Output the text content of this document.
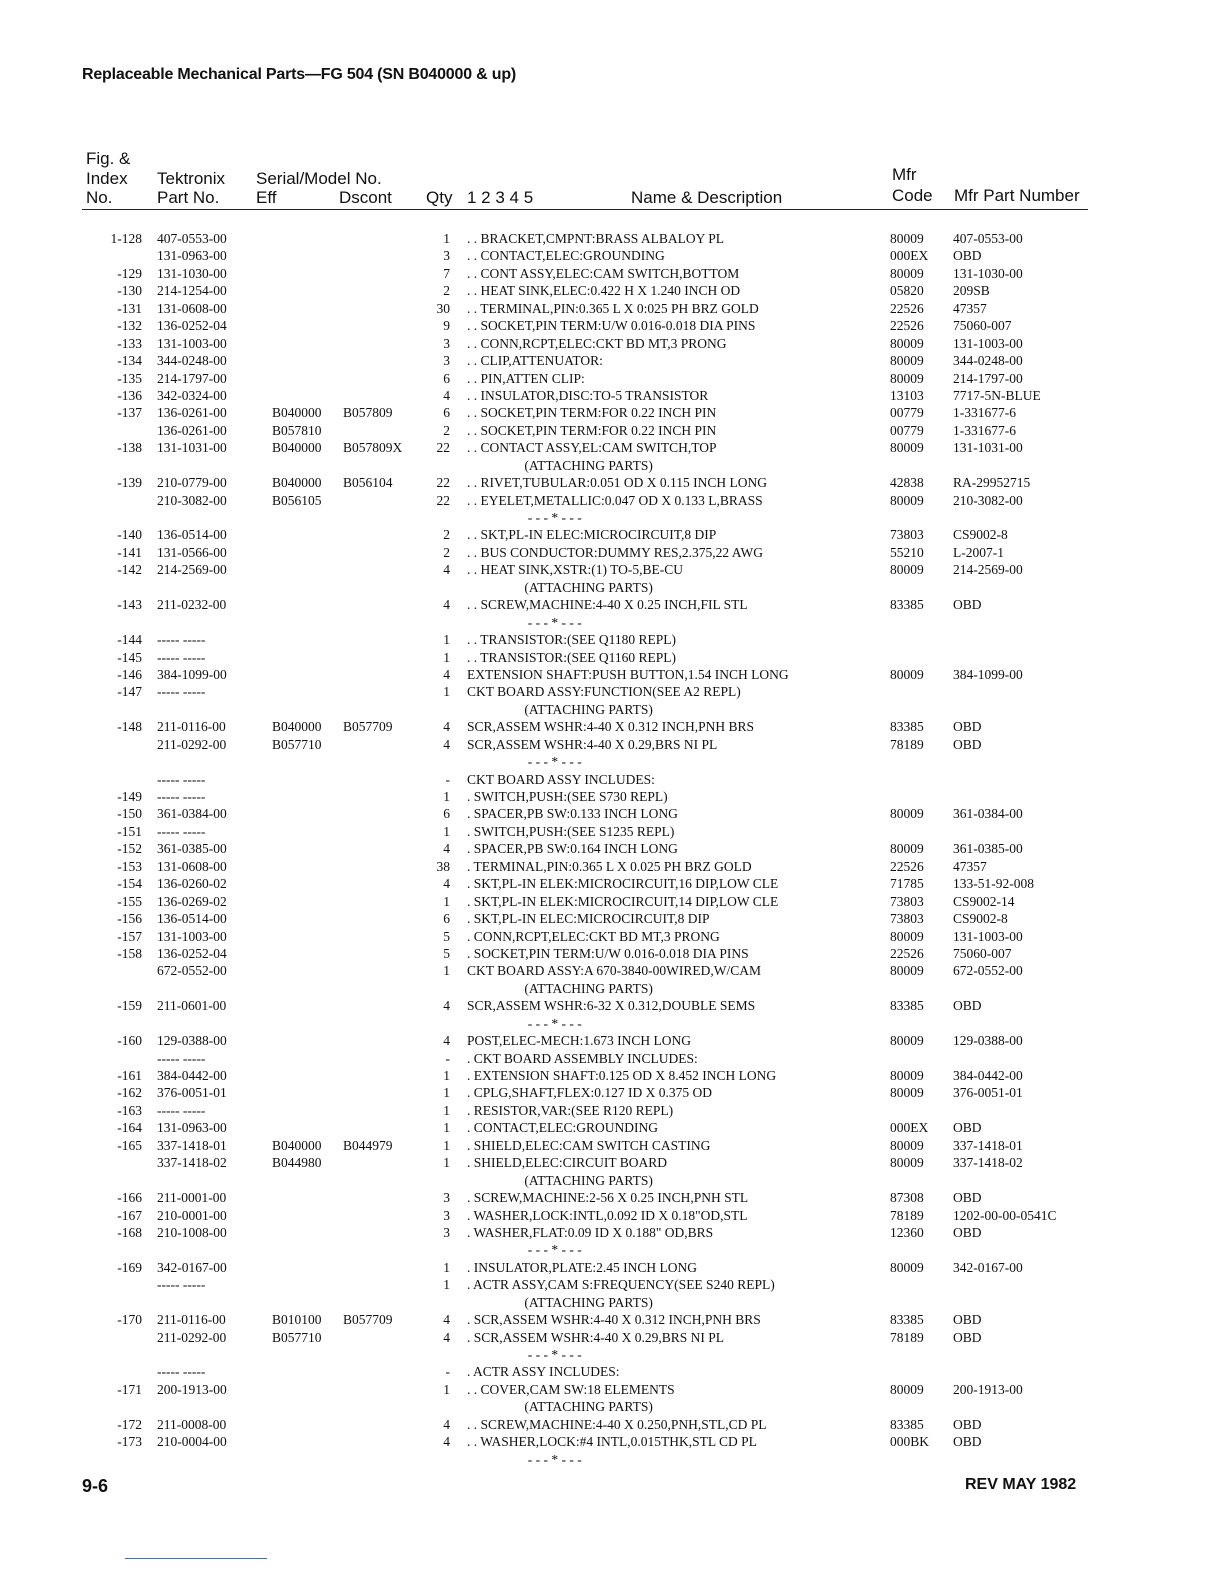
Replaceable Mechanical Parts—FG 504 (SN B040000 & up)
Fig. &
Index
No.
Tektronix
Part No.
Serial/Model No.
Eff	Dscont Qty 1 2 3 4 5	Name & Description
Mfr
Code Mfr Part Number
1-128 407-0553-00	1 . . BRACKET,CMPNT:BRASS ALBALOY PL	80009 407-0553-00
131-0963-00	3 . . CONTACT,ELEC:GROUNDING	000EX OBD
-129 131-1030-00	7 . . CONT ASSY,ELEC:CAM SWITCH,BOTTOM	80009 131-1030-00
-130 214-1254-00	2 . . HEAT SINK,ELEC:0.422 H X 1.240 INCH OD	05820 209SB
-131 131-0608-00	30 . . TERMINAL,PIN:0.365 L X 0:025 PH BRZ GOLD	22526 47357
-132 136-0252-04	9 . . SOCKET,PIN TERM:U/W 0.016-0.018 DIA PINS	22526 75060-007
-133 131-1003-00	3 . . CONN,RCPT,ELEC:CKT BD MT,3 PRONG	80009 131-1003-00
-134 344-0248-00	3 . . CLIP,ATTENUATOR:	80009 344-0248-00
-135 214-1797-00	6 . . PIN,ATTEN CLIP:	80009 214-1797-00
-136 342-0324-00	4 . . INSULATOR,DISC:TO-5 TRANSISTOR	13103 7717-5N-BLUE
-137 136-0261-00	B040000 B057809	6 . . SOCKET,PIN TERM:FOR 0.22 INCH PIN	00779 1-331677-6
136-0261-00	B057810	2 . . SOCKET,PIN TERM:FOR 0.22 INCH PIN	00779 1-331677-6
-138 131-1031-00	B040000 B057809X	22 . . CONTACT ASSY,EL:CAM SWITCH,TOP	80009 131-1031-00
(ATTACHING PARTS)
-139 210-0779-00	B040000 B056104	22 . . RIVET,TUBULAR:0.051 OD X 0.115 INCH LONG	42838 RA-29952715
210-3082-00	B056105	22 . . EYELET,METALLIC:0.047 OD X 0.133 L,BRASS	80009 210-3082-00
- - - * - - -
-140 136-0514-00	2 . . SKT,PL-IN ELEC:MICROCIRCUIT,8 DIP	73803 CS9002-8
-141 131-0566-00	2 . . BUS CONDUCTOR:DUMMY RES,2.375,22 AWG	55210 L-2007-1
-142 214-2569-00	4 . . HEAT SINK,XSTR:(1) TO-5,BE-CU	80009 214-2569-00
(ATTACHING PARTS)
-143 211-0232-00	4 . . SCREW,MACHINE:4-40 X 0.25 INCH,FIL STL	83385 OBD
- - - * - - -
-144 ----- -----	1 . . TRANSISTOR:(SEE Q1180 REPL)
-145 ----- -----	1 . . TRANSISTOR:(SEE Q1160 REPL)
-146 384-1099-00	4 EXTENSION SHAFT:PUSH BUTTON,1.54 INCH LONG	80009 384-1099-00
-147 ----- -----	1 CKT BOARD ASSY:FUNCTION(SEE A2 REPL)
(ATTACHING PARTS)
-148 211-0116-00	B040000 B057709	4 SCR,ASSEM WSHR:4-40 X 0.312 INCH,PNH BRS	83385 OBD
211-0292-00	B057710	4 SCR,ASSEM WSHR:4-40 X 0.29,BRS NI PL	78189 OBD
- - - * - - -
----- -----	- CKT BOARD ASSY INCLUDES:
-149 ----- -----	1 . SWITCH,PUSH:(SEE S730 REPL)
-150 361-0384-00	6 . SPACER,PB SW:0.133 INCH LONG	80009 361-0384-00
-151 ----- -----	1 . SWITCH,PUSH:(SEE S1235 REPL)
-152 361-0385-00	4 . SPACER,PB SW:0.164 INCH LONG	80009 361-0385-00
-153 131-0608-00	38 . TERMINAL,PIN:0.365 L X 0.025 PH BRZ GOLD	22526 47357
-154 136-0260-02	4 . SKT,PL-IN ELEK:MICROCIRCUIT,16 DIP,LOW CLE	71785 133-51-92-008
-155 136-0269-02	1 . SKT,PL-IN ELEK:MICROCIRCUIT,14 DIP,LOW CLE	73803 CS9002-14
-156 136-0514-00	6 . SKT,PL-IN ELEC:MICROCIRCUIT,8 DIP	73803 CS9002-8
-157 131-1003-00	5 . CONN,RCPT,ELEC:CKT BD MT,3 PRONG	80009 131-1003-00
-158 136-0252-04	5 . SOCKET,PIN TERM:U/W 0.016-0.018 DIA PINS	22526 75060-007
672-0552-00	1 CKT BOARD ASSY:A 670-3840-00WIRED,W/CAM	80009 672-0552-00
(ATTACHING PARTS)
-159 211-0601-00	4 SCR,ASSEM WSHR:6-32 X 0.312,DOUBLE SEMS	83385 OBD
- - - * - - -
-160 129-0388-00	4 POST,ELEC-MECH:1.673 INCH LONG	80009 129-0388-00
----- -----	- . CKT BOARD ASSEMBLY INCLUDES:
-161 384-0442-00	1 . EXTENSION SHAFT:0.125 OD X 8.452 INCH LONG	80009 384-0442-00
-162 376-0051-01	1 . CPLG,SHAFT,FLEX:0.127 ID X 0.375 OD	80009 376-0051-01
-163 ----- -----	1 . RESISTOR,VAR:(SEE R120 REPL)
-164 131-0963-00	1 . CONTACT,ELEC:GROUNDING	000EX OBD
-165 337-1418-01	B040000 B044979	1 . SHIELD,ELEC:CAM SWITCH CASTING	80009 337-1418-01
337-1418-02	B044980	1 . SHIELD,ELEC:CIRCUIT BOARD	80009 337-1418-02
(ATTACHING PARTS)
-166 211-0001-00	3 . SCREW,MACHINE:2-56 X 0.25 INCH,PNH STL	87308 OBD
-167 210-0001-00	3 . WASHER,LOCK:INTL,0.092 ID X 0.18"OD,STL	78189 1202-00-00-0541C
-168 210-1008-00	3 . WASHER,FLAT:0.09 ID X 0.188" OD,BRS	12360 OBD
- - - * - - -
-169 342-0167-00	1 . INSULATOR,PLATE:2.45 INCH LONG	80009 342-0167-00
----- -----	1 . ACTR ASSY,CAM S:FREQUENCY(SEE S240 REPL)
(ATTACHING PARTS)
-170 211-0116-00	B010100 B057709	4 . SCR,ASSEM WSHR:4-40 X 0.312 INCH,PNH BRS	83385 OBD
211-0292-00	B057710	4 . SCR,ASSEM WSHR:4-40 X 0.29,BRS NI PL	78189 OBD
- - - * - - -
----- -----	- . ACTR ASSY INCLUDES:
-171 200-1913-00	1 . . COVER,CAM SW:18 ELEMENTS	80009 200-1913-00
(ATTACHING PARTS)
-172 211-0008-00	4 . . SCREW,MACHINE:4-40 X 0.250,PNH,STL,CD PL	83385 OBD
-173 210-0004-00	4 . . WASHER,LOCK:#4 INTL,0.015THK,STL CD PL	000BK OBD
- - - * - - -
9-6	REV MAY 1982
